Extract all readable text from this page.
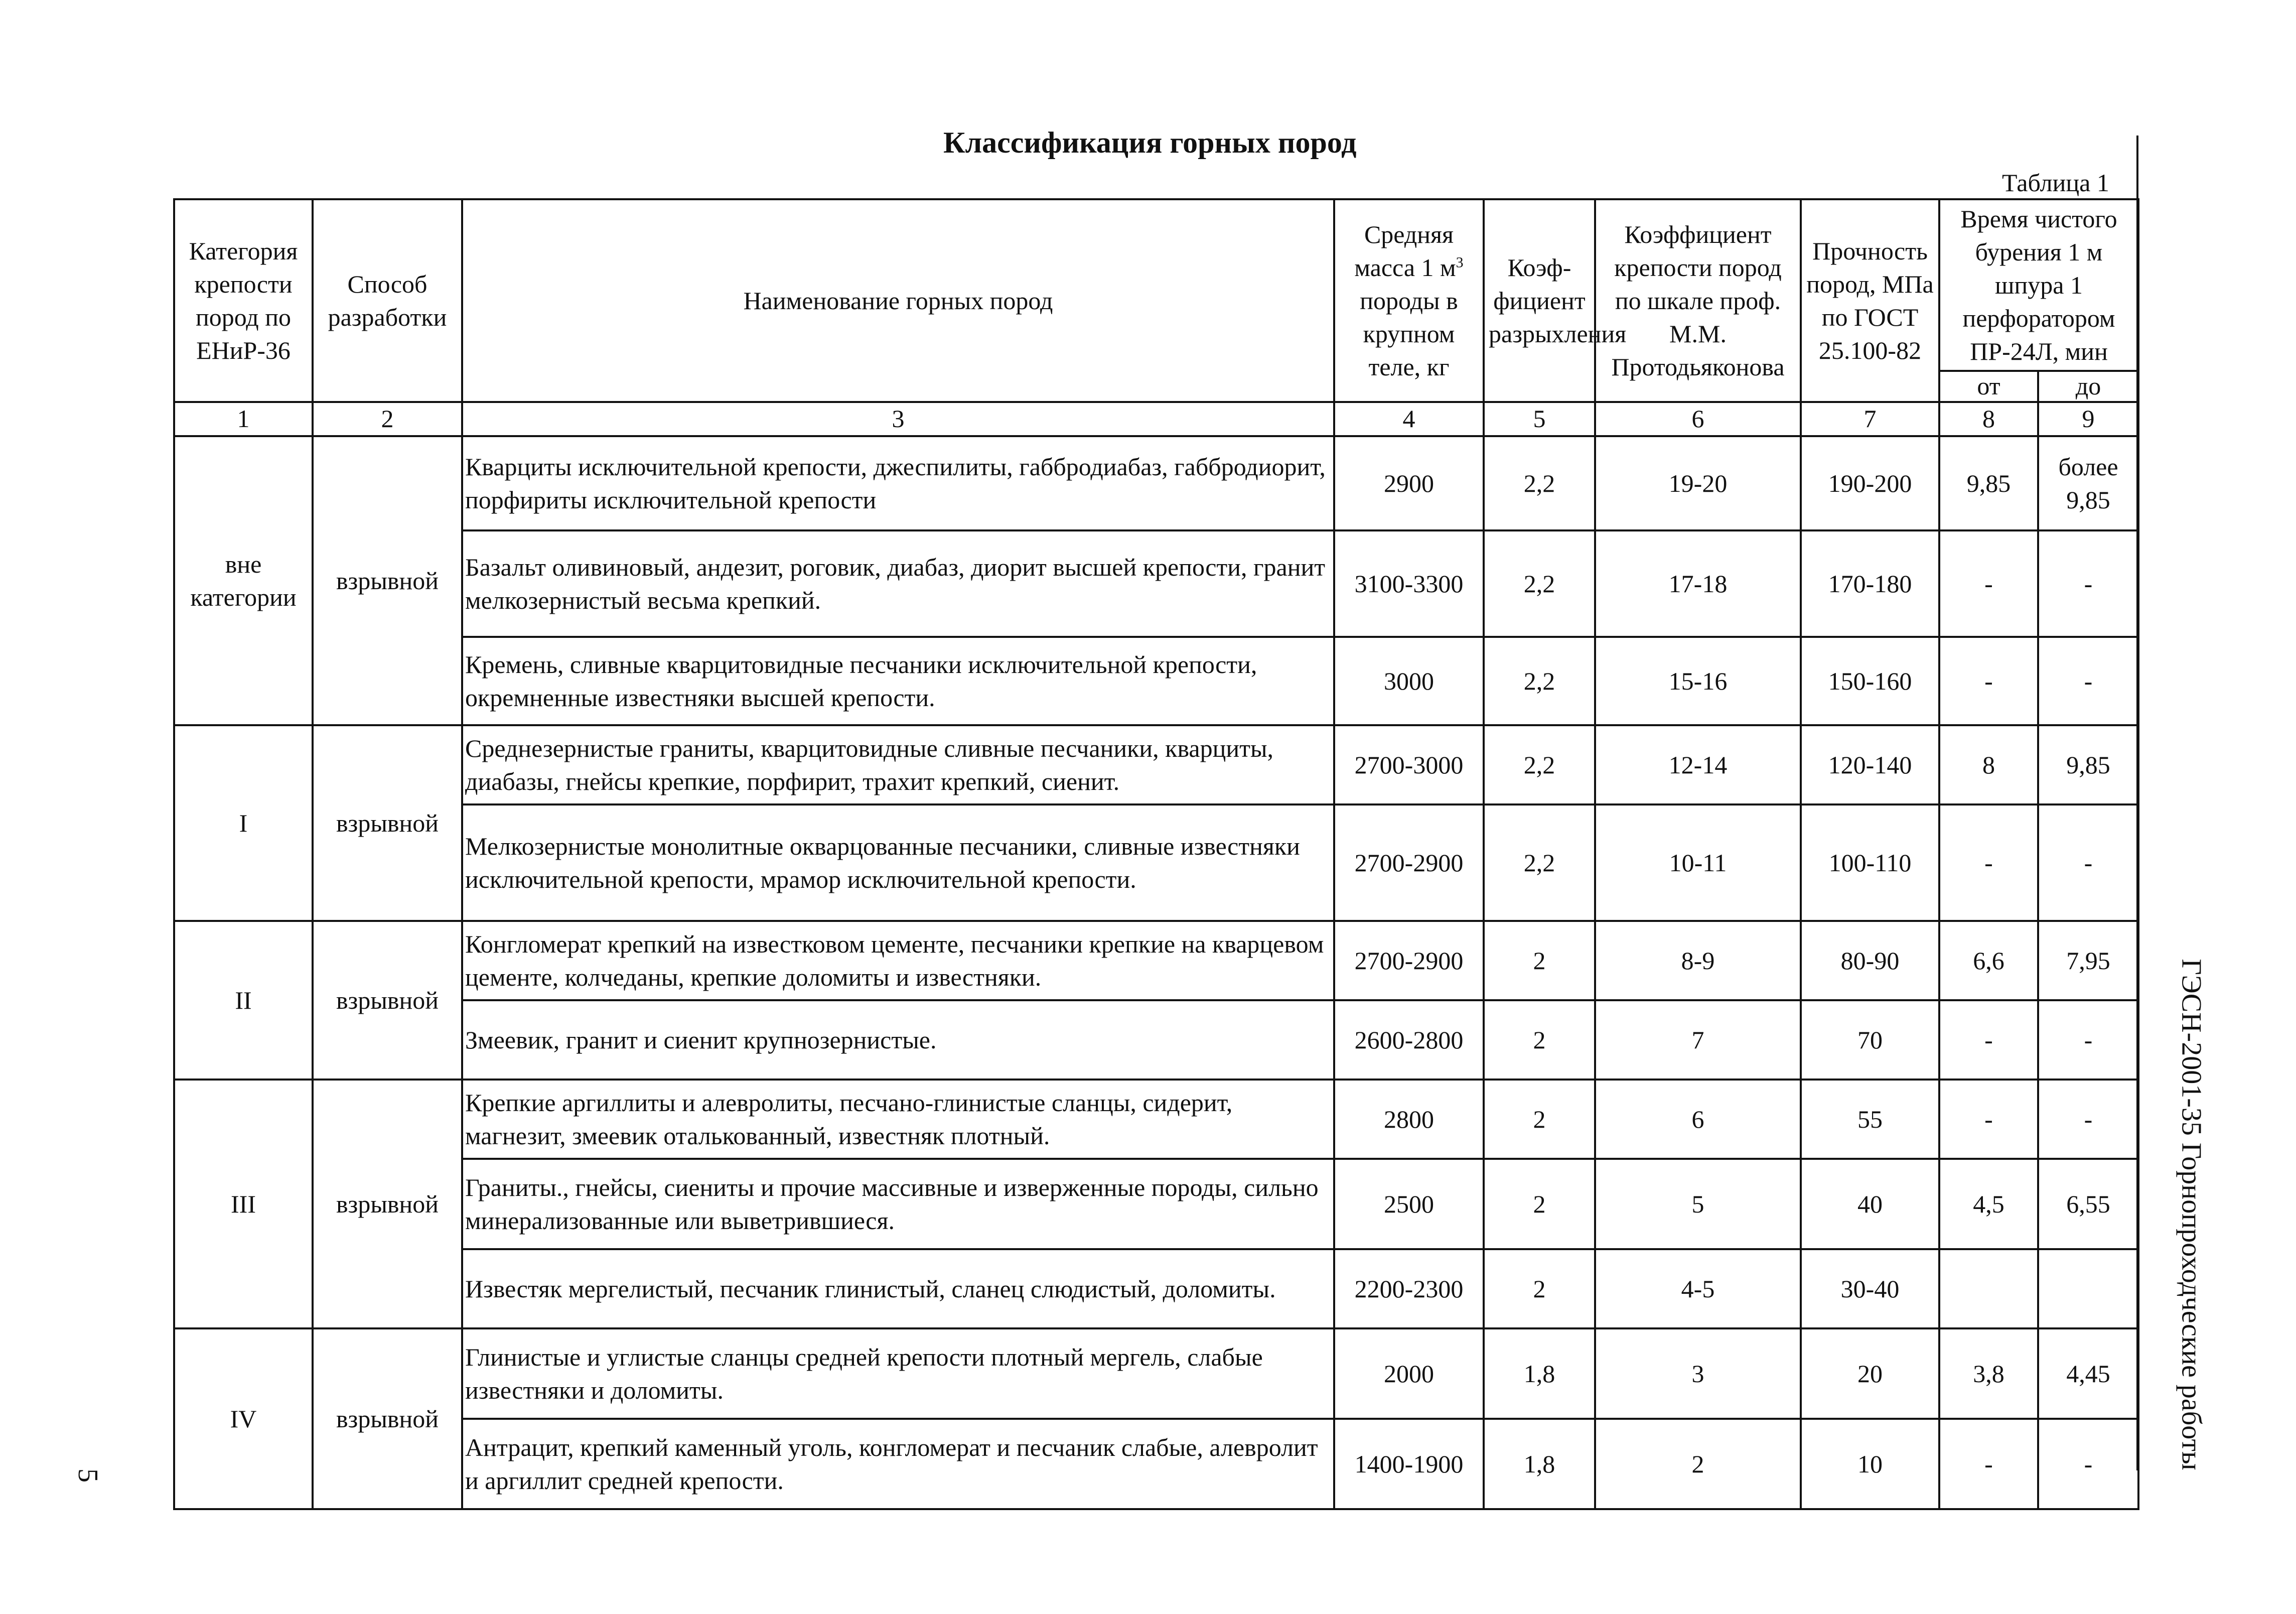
Классификация горных пород
Таблица 1
ГЭСН-2001-35 Горнопроходческие работы
5
Категория крепости пород по ЕНиР-36	Способ разработки	Наименование горных пород	Средняя масса 1 $м^3$ породы в крупном теле, кг	Коэф-фициент разрыхления	Коэффициент крепости пород по шкале проф. М.М. Протодьяконова	Прочность пород, МПа по ГОСТ 25.100-82	Время чистого бурения 1 м шпура 1 перфоратором ПР-24Л, мин	
							от	до
1	2	3	4	5	6	7	8	9
вне категории	взрывной	Кварциты исключительной крепости, джеспилиты, габбродиабаз, габбродиорит, порфириты исключительной крепости	2900	2,2	19-20	190-200	9,85	более 9,85
		Базальт оливиновый, андезит, роговик, диабаз, диорит высшей крепости, гранит мелкозернистый весьма крепкий.	3100-3300	2,2	17-18	170-180	-	-
		Кремень, сливные кварцитовидные песчаники исключительной крепости, окремненные известняки высшей крепости.	3000	2,2	15-16	150-160	-	-
I	взрывной	Среднезернистые граниты, кварцитовидные сливные песчаники, кварциты, диабазы, гнейсы крепкие, порфирит, трахит крепкий, сиенит.	2700-3000	2,2	12-14	120-140	8	9,85
		Мелкозернистые монолитные окварцованные песчаники, сливные известняки исключительной крепости, мрамор исключительной крепости.	2700-2900	2,2	10-11	100-110	-	-
II	взрывной	Конгломерат крепкий на известковом цементе, песчаники крепкие на кварцевом цементе, колчеданы, крепкие доломиты и известняки.	2700-2900	2	8-9	80-90	6,6	7,95
		Змеевик, гранит и сиенит крупнозернистые.	2600-2800	2	7	70	-	-
III	взрывной	Крепкие аргиллиты и алевролиты, песчано-глинистые сланцы, сидерит, магнезит, змеевик отальковaнный, известняк плотный.	2800	2	6	55	-	-
		Граниты., гнейсы, сиениты и прочие массивные и изверженные породы, сильно минерализованные или выветрившиеся.	2500	2	5	40	4,5	6,55
		Известяк мергелистый, песчаник глинистый, сланец слюдистый, доломиты.	2200-2300	2	4-5	30-40		
IV	взрывной	Глинистые и углистые сланцы средней крепости плотный мергель, слабые известняки и доломиты.	2000	1,8	3	20	3,8	4,45
		Антрацит, крепкий каменный уголь, конгломерат и песчаник слабые, алевролит и аргиллит средней крепости.	1400-1900	1,8	2	10	-	-
